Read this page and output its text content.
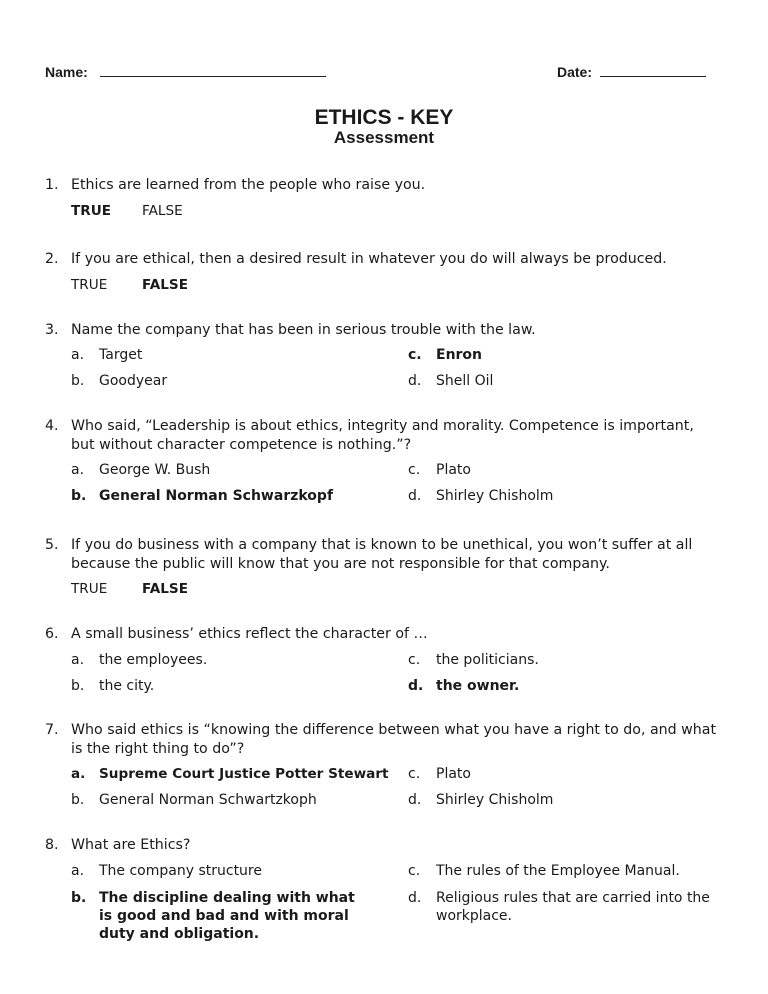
Name:	Date:
ETHICS - KEY
Assessment
1. Ethics are learned from the people who raise you.
TRUE FALSE
2. If you are ethical, then a desired result in whatever you do will always be produced.
TRUE	FALSE
3. Name the company that has been in serious trouble with the law.
a. Target
b. Goodyear
c. Enron
d. Shell Oil
4. Who said, “Leadership is about ethics, integrity and morality. Competence is important, but without character competence is nothing.”?
a. George W. Bush
b. General Norman Schwarzkopf
c. Plato
d. Shirley Chisholm
5. If you do business with a company that is known to be unethical, you won’t suffer at all because the public will know that you are not responsible for that company.
TRUE	FALSE
6. A small business’ ethics reflect the character of …
a. the employees.
b. the city.
c. the politicians.
d. the owner.
7. Who said ethics is “knowing the difference between what you have a right to do, and what is the right thing to do”?
a. Supreme Court Justice Potter Stewart
b. General Norman Schwartzkoph
c. Plato
d. Shirley Chisholm
8. What are Ethics?
a. The company structure
b. The discipline dealing with what is good and bad and with moral duty and obligation.
c. The rules of the Employee Manual.
d.	Religious rules that are carried into the workplace.
